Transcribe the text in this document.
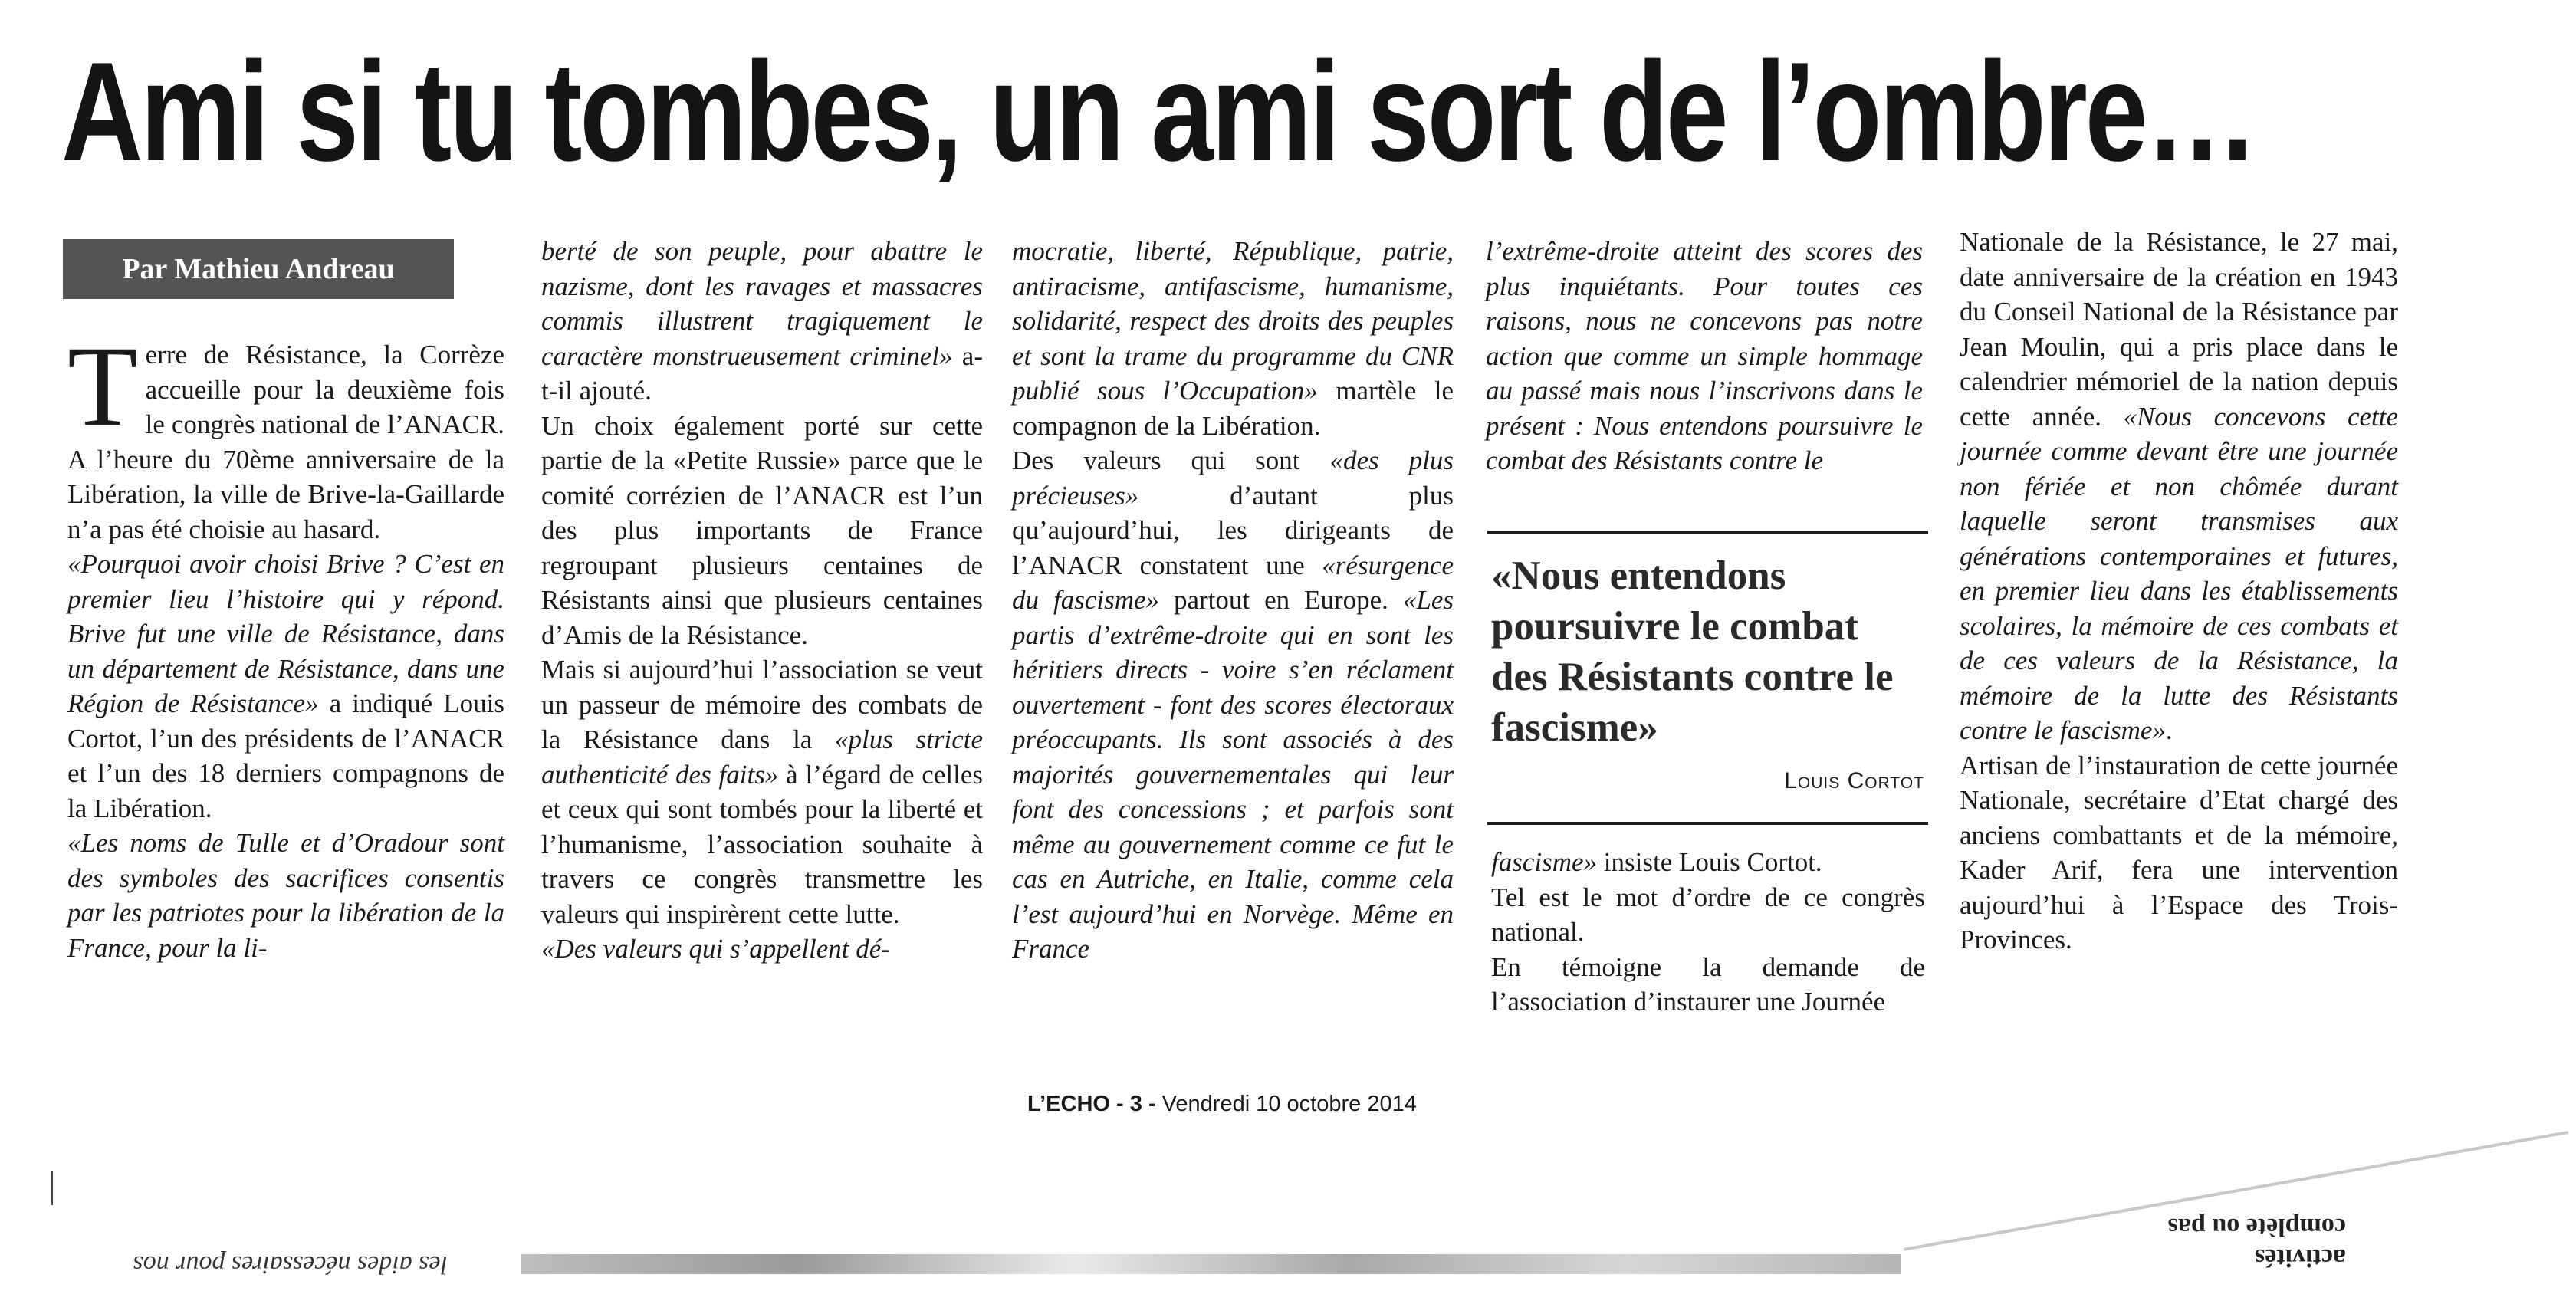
Ami si tu tombes, un ami sort de l’ombre…
Par Mathieu Andreau

Terre de Résistance, la Corrèze accueille pour la deuxième fois le congrès national de l’ANACR. A l’heure du 70ème anniversaire de la Libération, la ville de Brive-la-Gaillarde n’a pas été choisie au hasard.

«Pourquoi avoir choisi Brive ? C’est en premier lieu l’histoire qui y répond. Brive fut une ville de Résistance, dans un département de Résistance, dans une Région de Résistance» a indiqué Louis Cortot, l’un des présidents de l’ANACR et l’un des 18 derniers compagnons de la Libération.

«Les noms de Tulle et d’Oradour sont des symboles des sacrifices consentis par les patriotes pour la libération de la France, pour la li-

berté de son peuple, pour abattre le nazisme, dont les ravages et massacres commis illustrent tragiquement le caractère monstrueusement criminel» a-t-il ajouté.

Un choix également porté sur cette partie de la «Petite Russie» parce que le comité corrézien de l’ANACR est l’un des plus importants de France regroupant plusieurs centaines de Résistants ainsi que plusieurs centaines d’Amis de la Résistance.

Mais si aujourd’hui l’association se veut un passeur de mémoire des combats de la Résistance dans la «plus stricte authenticité des faits» à l’égard de celles et ceux qui sont tombés pour la liberté et l’humanisme, l’association souhaite à travers ce congrès transmettre les valeurs qui inspirèrent cette lutte.

«Des valeurs qui s’appellent dé-

mocratie, liberté, République, patrie, antiracisme, antifascisme, humanisme, solidarité, respect des droits des peuples et sont la trame du programme du CNR publié sous l’Occupation» martèle le compagnon de la Libération.

Des valeurs qui sont «des plus précieuses» d’autant plus qu’aujourd’hui, les dirigeants de l’ANACR constatent une «résurgence du fascisme» partout en Europe. «Les partis d’extrême-droite qui en sont les héritiers directs - voire s’en réclament ouvertement - font des scores électoraux préoccupants. Ils sont associés à des majorités gouvernementales qui leur font des concessions ; et parfois sont même au gouvernement comme ce fut le cas en Autriche, en Italie, comme cela l’est aujourd’hui en Norvège. Même en France

l’extrême-droite atteint des scores des plus inquiétants. Pour toutes ces raisons, nous ne concevons pas notre action que comme un simple hommage au passé mais nous l’inscrivons dans le présent : Nous entendons poursuivre le combat des Résistants contre le

«Nous entendons poursuivre le combat des Résistants contre le fascisme»
Louis Cortot

fascisme» insiste Louis Cortot.

Tel est le mot d’ordre de ce congrès national.

En témoigne la demande de l’association d’instaurer une Journée

Nationale de la Résistance, le 27 mai, date anniversaire de la création en 1943 du Conseil National de la Résistance par Jean Moulin, qui a pris place dans le calendrier mémoriel de la nation depuis cette année. «Nous concevons cette journée comme devant être une journée non fériée et non chômée durant laquelle seront transmises aux générations contemporaines et futures, en premier lieu dans les établissements scolaires, la mémoire de ces combats et de ces valeurs de la Résistance, la mémoire de la lutte des Résistants contre le fascisme».

Artisan de l’instauration de cette journée Nationale, secrétaire d’Etat chargé des anciens combattants et de la mémoire, Kader Arif, fera une intervention aujourd’hui à l’Espace des Trois-Provinces.

L’ECHO - 3 - Vendredi 10 octobre 2014
les aides nécessaires pour nos	activités
complète ou pas
